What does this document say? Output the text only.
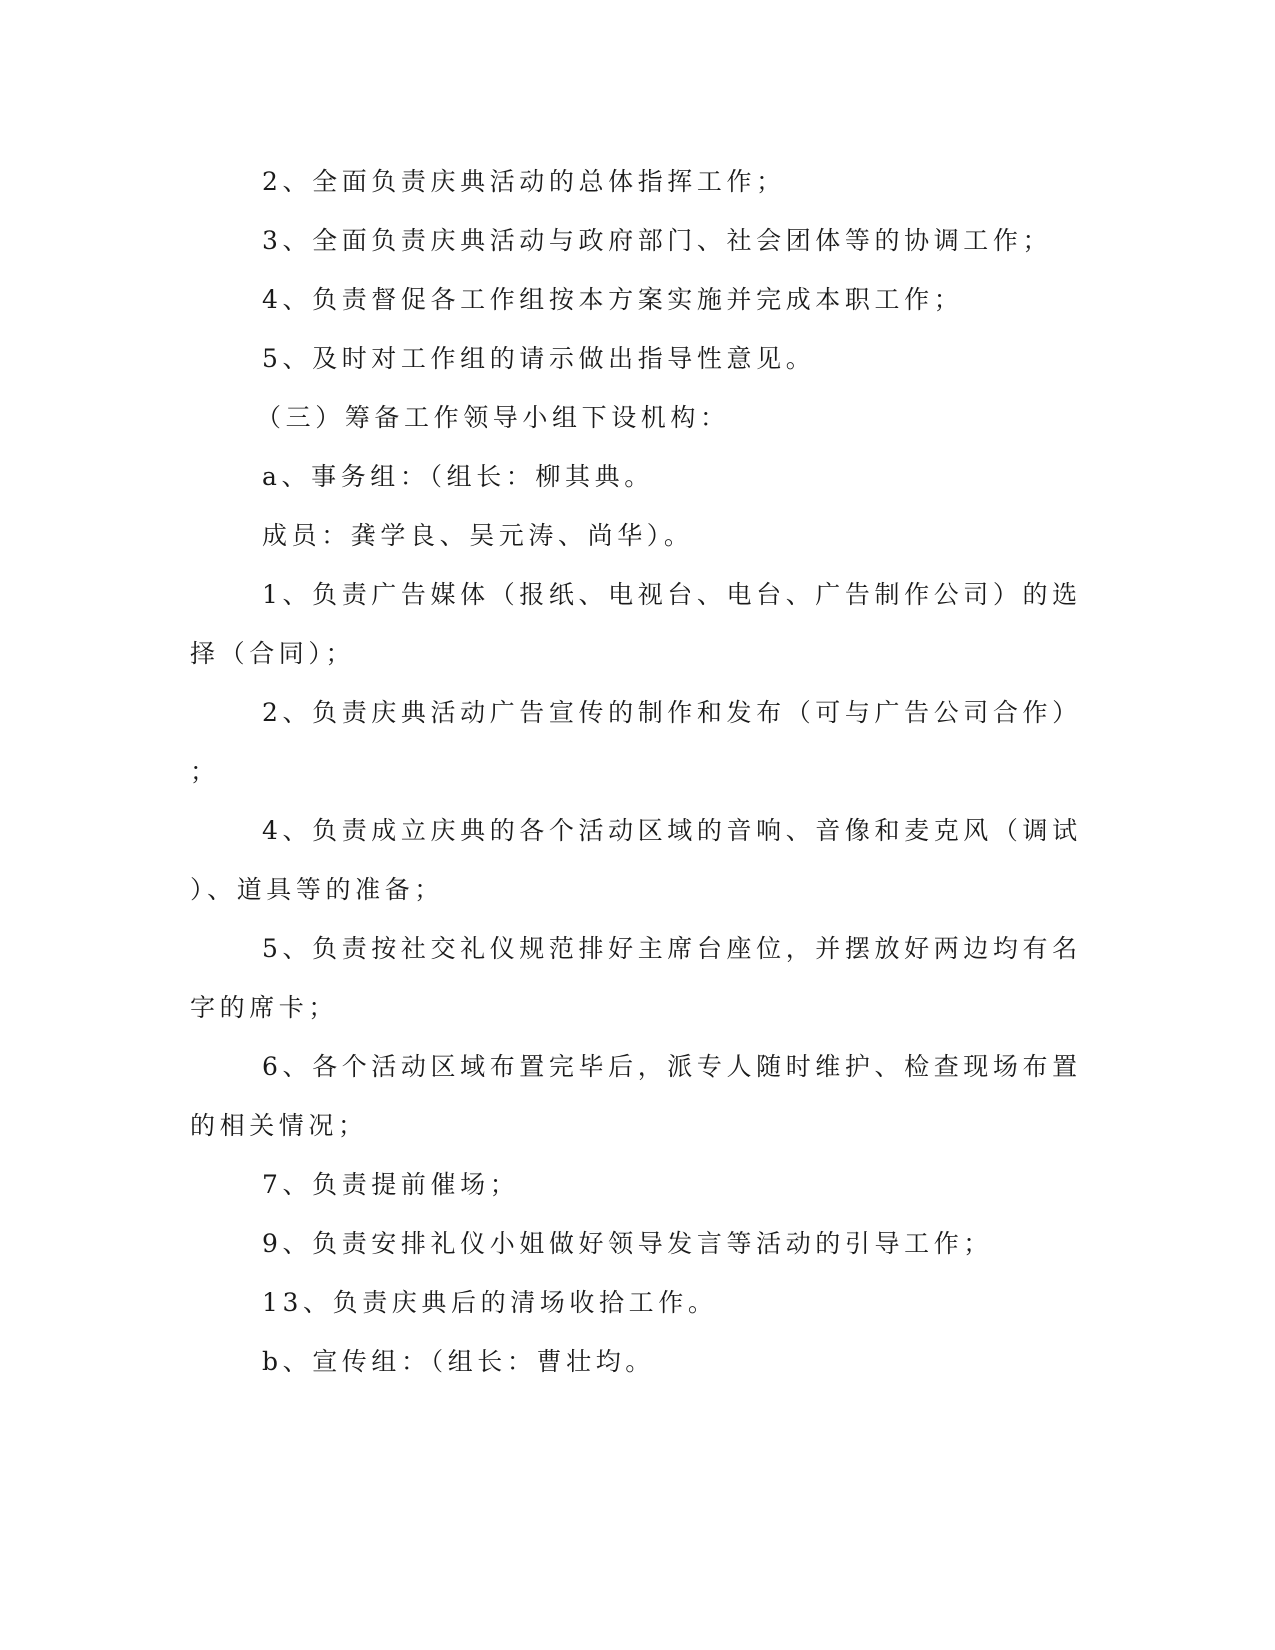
2、全面负责庆典活动的总体指挥工作；
3、全面负责庆典活动与政府部门、社会团体等的协调工作；
4、负责督促各工作组按本方案实施并完成本职工作；
5、及时对工作组的请示做出指导性意见。
（三）筹备工作领导小组下设机构：
a、事务组：（组长：柳其典。
成员：龚学良、吴元涛、尚华）。
1、负责广告媒体（报纸、电视台、电台、广告制作公司）的选
择（合同）；
2、负责庆典活动广告宣传的制作和发布（可与广告公司合作）
；
4、负责成立庆典的各个活动区域的音响、音像和麦克风（调试
）、道具等的准备；
5、负责按社交礼仪规范排好主席台座位，并摆放好两边均有名
字的席卡；
6、各个活动区域布置完毕后，派专人随时维护、检查现场布置
的相关情况；
7、负责提前催场；
9、负责安排礼仪小姐做好领导发言等活动的引导工作；
13、负责庆典后的清场收拾工作。
b、宣传组：（组长：曹壮均。
